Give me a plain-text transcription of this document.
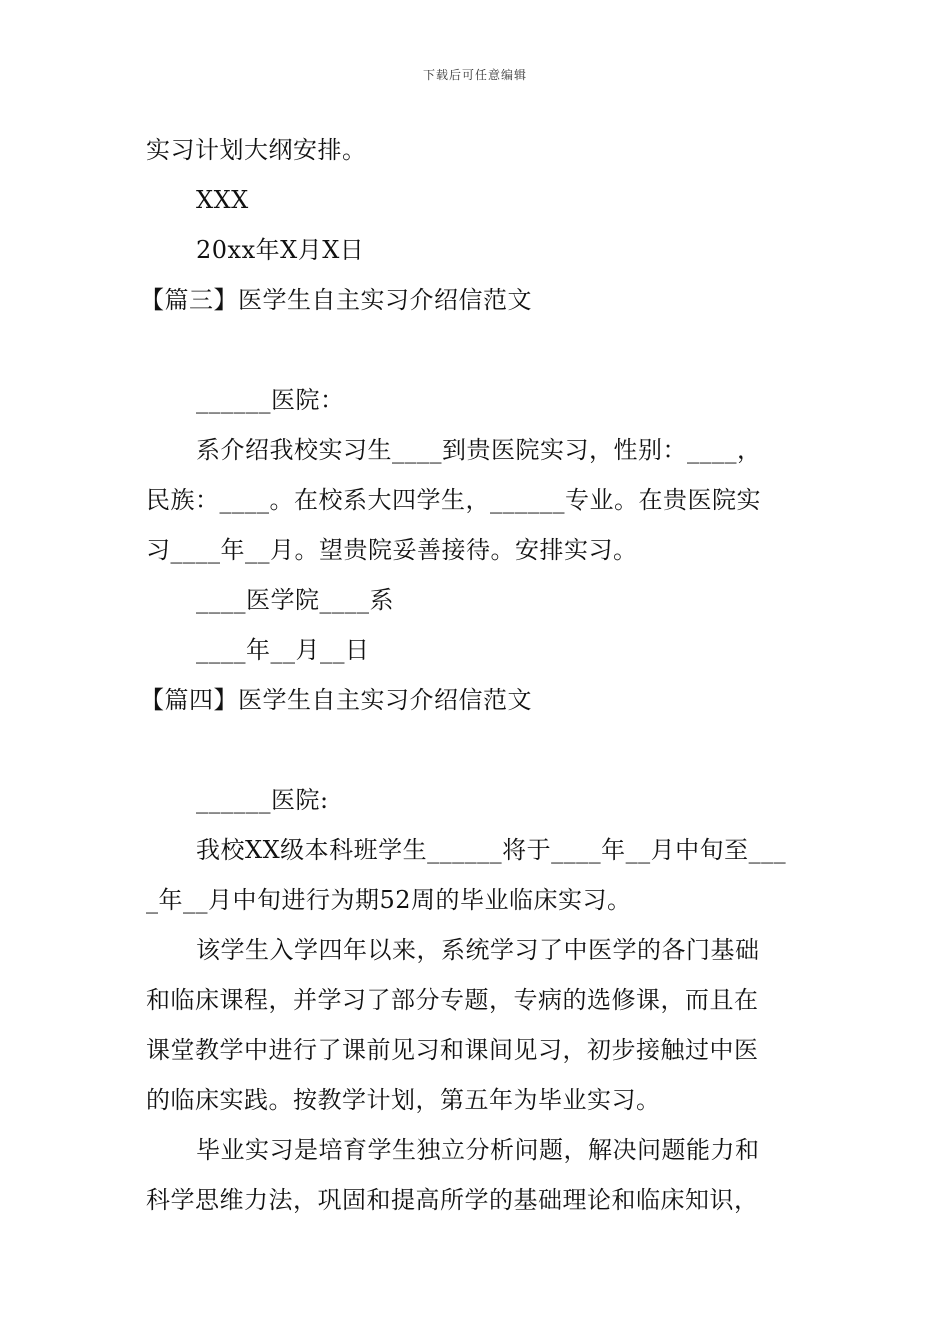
下载后可任意编辑
实习计划大纲安排。
XXX
20xx年X月X日
【篇三】医学生自主实习介绍信范文
______医院：
系介绍我校实习生____到贵医院实习，性别：____，
民族：____。在校系大四学生，______专业。在贵医院实
习____年__月。望贵院妥善接待。安排实习。
____医学院____系
____年__月__日
【篇四】医学生自主实习介绍信范文
______医院:
我校XX级本科班学生______将于____年__月中旬至___
_年__月中旬进行为期52周的毕业临床实习。
该学生入学四年以来，系统学习了中医学的各门基础
和临床课程，并学习了部分专题，专病的选修课，而且在
课堂教学中进行了课前见习和课间见习，初步接触过中医
的临床实践。按教学计划，第五年为毕业实习。
毕业实习是培育学生独立分析问题，解决问题能力和
科学思维力法，巩固和提高所学的基础理论和临床知识，
